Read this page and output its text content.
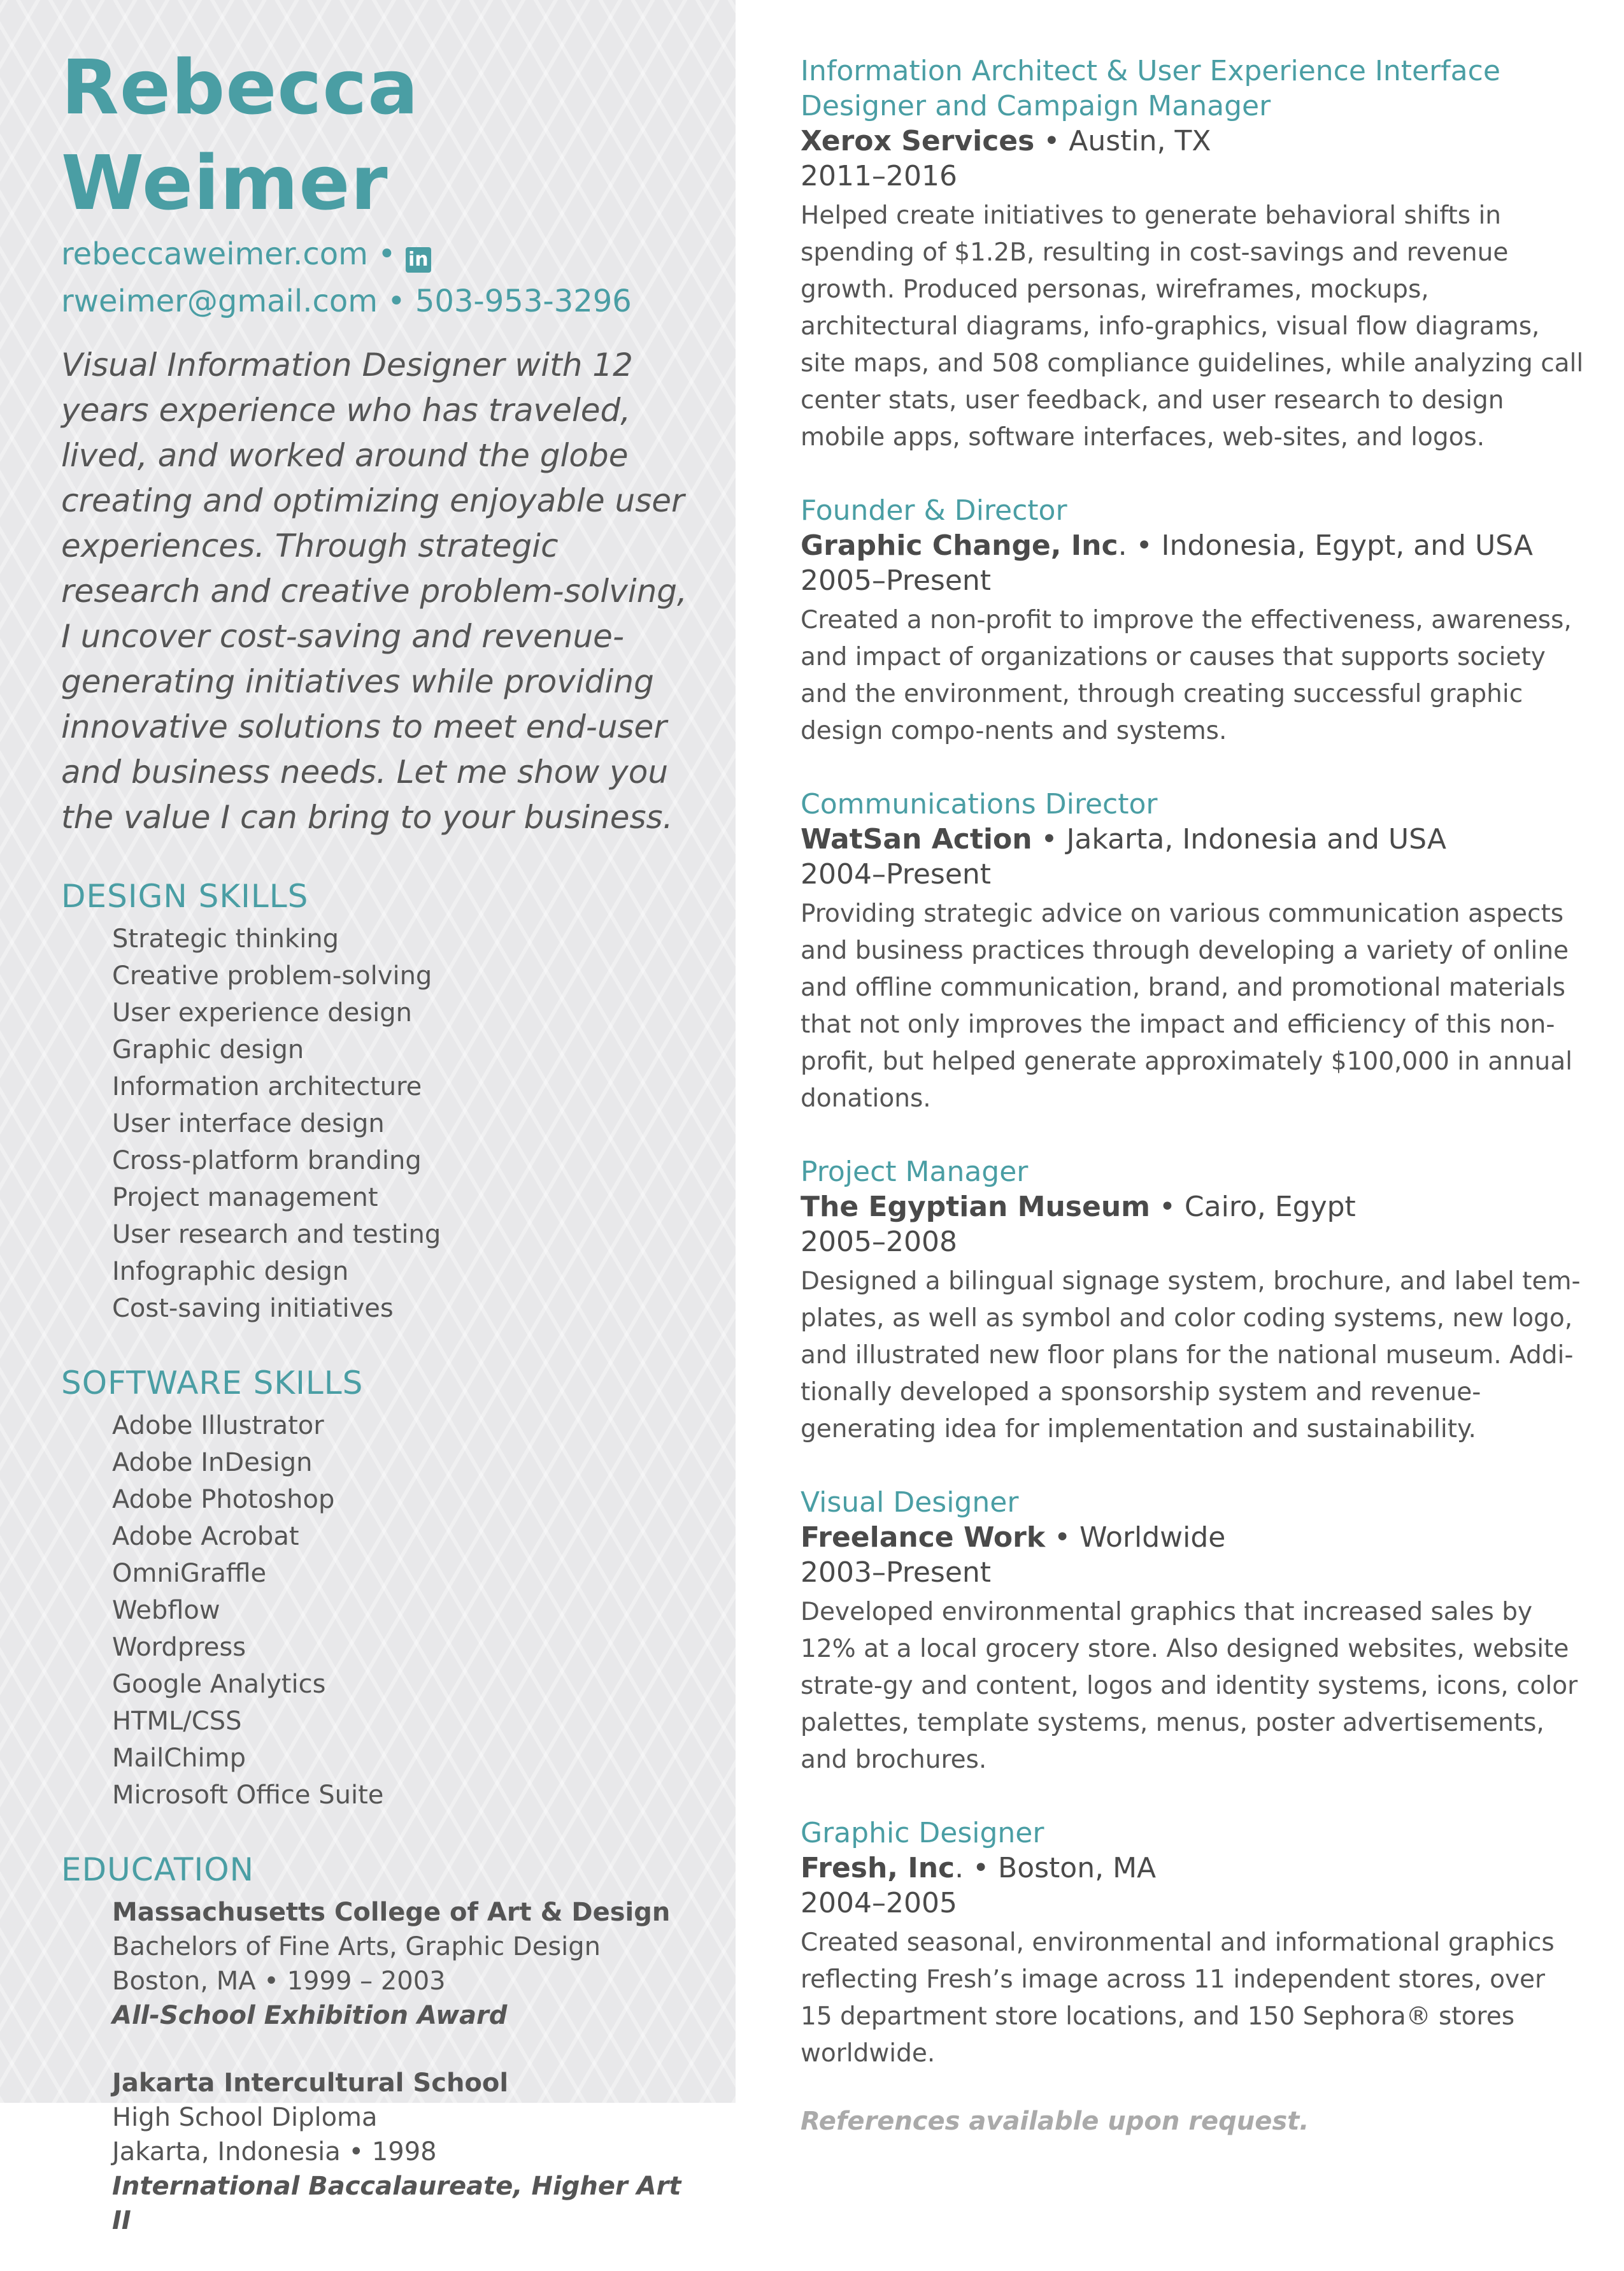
Rebecca Weimer
rebeccaweimer.com • in
rweimer@gmail.com • 503-953-3296

Visual Information Designer with 12 years experience who has traveled, lived, and worked around the globe creating and optimizing enjoyable user experiences. Through strategic research and creative problem-solving, I uncover cost-saving and revenue-generating initiatives while providing innovative solutions to meet end-user and business needs. Let me show you the value I can bring to your business.

DESIGN SKILLS
Strategic thinking
Creative problem-solving
User experience design
Graphic design
Information architecture
User interface design
Cross-platform branding
Project management
User research and testing
Infographic design
Cost-saving initiatives
SOFTWARE SKILLS
Adobe Illustrator
Adobe InDesign
Adobe Photoshop
Adobe Acrobat
OmniGraffle
Webflow
Wordpress
Google Analytics
HTML/CSS
MailChimp
Microsoft Office Suite
EDUCATION
Massachusetts College of Art & Design
Bachelors of Fine Arts, Graphic Design
Boston, MA • 1999 – 2003
All-School Exhibition Award
Jakarta Intercultural School
High School Diploma
Jakarta, Indonesia • 1998
International Baccalaureate, Higher Art II
Information Architect & User Experience Interface Designer and Campaign Manager
Xerox Services • Austin, TX
2011–2016
Helped create initiatives to generate behavioral shifts in spending of $1.2B, resulting in cost-savings and revenue growth. Produced personas, wireframes, mockups, architectural diagrams, info-graphics, visual flow diagrams, site maps, and 508 compliance guidelines, while analyzing call center stats, user feedback, and user research to design mobile apps, software interfaces, web-sites, and logos.
Founder & Director
Graphic Change, Inc. • Indonesia, Egypt, and USA
2005–Present
Created a non-profit to improve the effectiveness, awareness, and impact of organizations or causes that supports society and the environment, through creating successful graphic design compo-nents and systems.
Communications Director
WatSan Action • Jakarta, Indonesia and USA
2004–Present
Providing strategic advice on various communication aspects and business practices through developing a variety of online and offline communication, brand, and promotional materials that not only improves the impact and efficiency of this non-profit, but helped generate approximately $100,000 in annual donations.
Project Manager
The Egyptian Museum • Cairo, Egypt
2005–2008
Designed a bilingual signage system, brochure, and label tem-plates, as well as symbol and color coding systems, new logo, and illustrated new floor plans for the national museum. Addi-tionally developed a sponsorship system and revenue-generating idea for implementation and sustainability.
Visual Designer
Freelance Work • Worldwide
2003–Present
Developed environmental graphics that increased sales by 12% at a local grocery store. Also designed websites, website strate-gy and content, logos and identity systems, icons, color palettes, template systems, menus, poster advertisements, and brochures.
Graphic Designer
Fresh, Inc. • Boston, MA
2004–2005
Created seasonal, environmental and informational graphics reflecting Fresh’s image across 11 independent stores, over 15 department store locations, and 150 Sephora® stores worldwide.
References available upon request.
